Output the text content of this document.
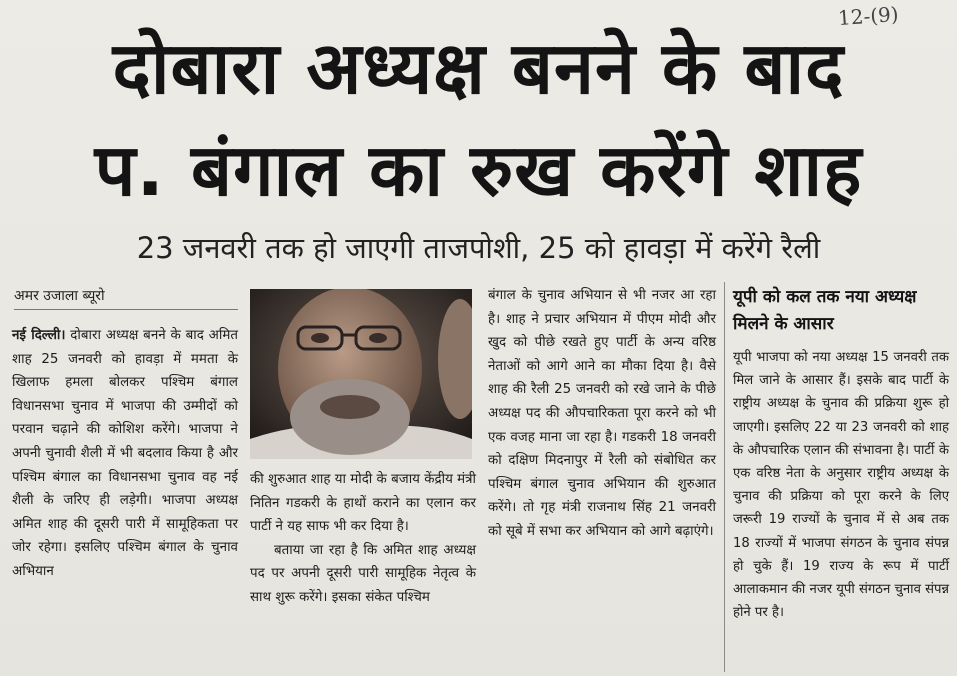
12-(9)
दोबारा अध्यक्ष बनने के बाद
प. बंगाल का रुख करेंगे शाह
23 जनवरी तक हो जाएगी ताजपोशी, 25 को हावड़ा में करेंगे रैली
अमर उजाला ब्यूरो
नई दिल्ली। दोबारा अध्यक्ष बनने के बाद अमित शाह 25 जनवरी को हावड़ा में ममता के खिलाफ हमला बोलकर पश्चिम बंगाल विधानसभा चुनाव में भाजपा की उम्मीदों को परवान चढ़ाने की कोशिश करेंगे। भाजपा ने अपनी चुनावी शैली में भी बदलाव किया है और पश्चिम बंगाल का विधानसभा चुनाव वह नई शैली के जरिए ही लड़ेगी। भाजपा अध्यक्ष अमित शाह की दूसरी पारी में सामूहिकता पर जोर रहेगा। इसलिए पश्चिम बंगाल के चुनाव अभियान
की शुरुआत शाह या मोदी के बजाय केंद्रीय मंत्री नितिन गडकरी के हाथों कराने का एलान कर पार्टी ने यह साफ भी कर दिया है।
बताया जा रहा है कि अमित शाह अध्यक्ष पद पर अपनी दूसरी पारी सामूहिक नेतृत्व के साथ शुरू करेंगे। इसका संकेत पश्चिम
बंगाल के चुनाव अभियान से भी नजर आ रहा है। शाह ने प्रचार अभियान में पीएम मोदी और खुद को पीछे रखते हुए पार्टी के अन्य वरिष्ठ नेताओं को आगे आने का मौका दिया है। वैसे शाह की रैली 25 जनवरी को रखे जाने के पीछे अध्यक्ष पद की औपचारिकता पूरा करने को भी एक वजह माना जा रहा है। गडकरी 18 जनवरी को दक्षिण मिदनापुर में रैली को संबोधित कर पश्चिम बंगाल चुनाव अभियान की शुरुआत करेंगे। तो गृह मंत्री राजनाथ सिंह 21 जनवरी को सूबे में सभा कर अभियान को आगे बढ़ाएंगे।
यूपी को कल तक नया अध्यक्ष मिलने के आसार
यूपी भाजपा को नया अध्यक्ष 15 जनवरी तक मिल जाने के आसार हैं। इसके बाद पार्टी के राष्ट्रीय अध्यक्ष के चुनाव की प्रक्रिया शुरू हो जाएगी। इसलिए 22 या 23 जनवरी को शाह के औपचारिक एलान की संभावना है। पार्टी के एक वरिष्ठ नेता के अनुसार राष्ट्रीय अध्यक्ष के चुनाव की प्रक्रिया को पूरा करने के लिए जरूरी 19 राज्यों के चुनाव में से अब तक 18 राज्यों में भाजपा संगठन के चुनाव संपन्न हो चुके हैं। 19 राज्य के रूप में पार्टी आलाकमान की नजर यूपी संगठन चुनाव संपन्न होने पर है।
